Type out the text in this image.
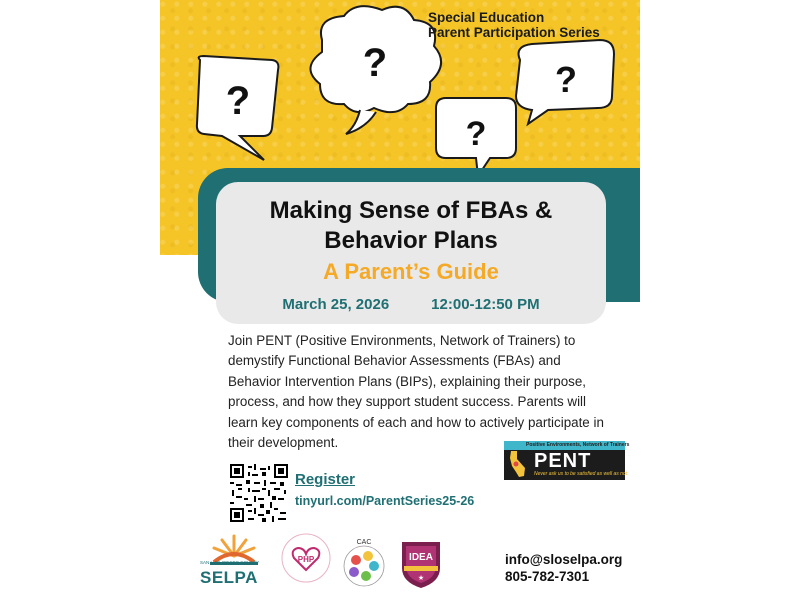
?
?
?
?
Special Education
Parent Participation Series
Making Sense of FBAs &
Behavior Plans
A Parent’s Guide
March 25, 2026	12:00-12:50 PM

Join PENT (Positive Environments, Network of Trainers) to demystify Functional Behavior Assessments (FBAs) and Behavior Intervention Plans (BIPs), explaining their purpose, process, and how they support student success. Parents will learn key components of each and how to actively participate in their development.

Register
tinyurl.com/ParentSeries25-26
Positive Environments, Network of Trainers
PENT
Never ask us to be satisfied as well as not.
SAN LUIS OBISPO COUNTY
SELPA
PHP
CAC
IDEA
★
info@sloselpa.org
805-782-7301
